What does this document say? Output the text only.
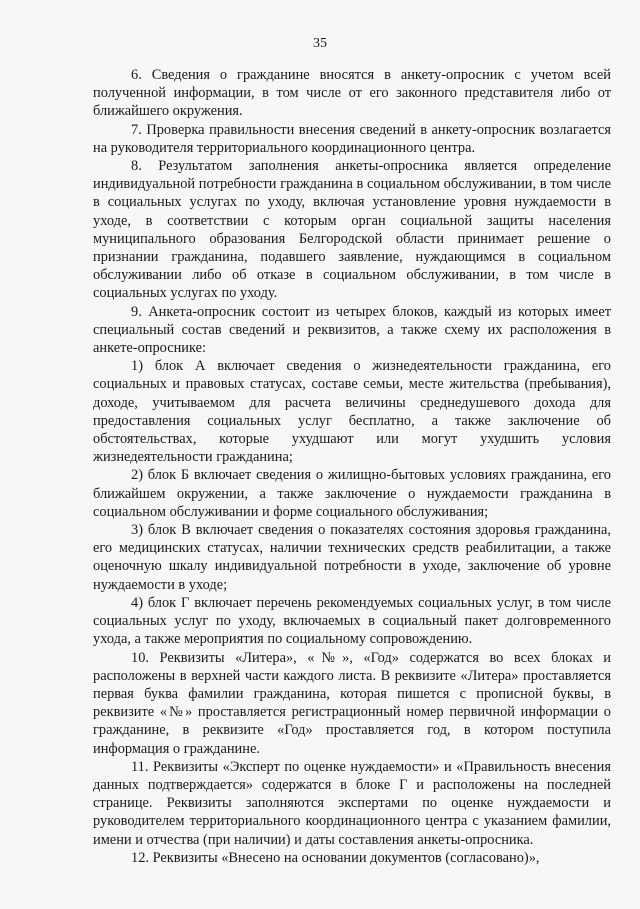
35

6. Сведения о гражданине вносятся в анкету-опросник с учетом всей полученной информации, в том числе от его законного представителя либо от ближайшего окружения.

7. Проверка правильности внесения сведений в анкету-опросник возлагается на руководителя территориального координационного центра.

8. Результатом заполнения анкеты-опросника является определение индивидуальной потребности гражданина в социальном обслуживании, в том числе в социальных услугах по уходу, включая установление уровня нуждаемости в уходе, в соответствии с которым орган социальной защиты населения муниципального образования Белгородской области принимает решение о признании гражданина, подавшего заявление, нуждающимся в социальном обслуживании либо об отказе в социальном обслуживании, в том числе в социальных услугах по уходу.

9. Анкета-опросник состоит из четырех блоков, каждый из которых имеет специальный состав сведений и реквизитов, а также схему их расположения в анкете-опроснике:

1) блок А включает сведения о жизнедеятельности гражданина, его социальных и правовых статусах, составе семьи, месте жительства (пребывания), доходе, учитываемом для расчета величины среднедушевого дохода для предоставления социальных услуг бесплатно, а также заключение об обстоятельствах, которые ухудшают или могут ухудшить условия жизнедеятельности гражданина;

2) блок Б включает сведения о жилищно-бытовых условиях гражданина, его ближайшем окружении, а также заключение о нуждаемости гражданина в социальном обслуживании и форме социального обслуживания;

3) блок В включает сведения о показателях состояния здоровья гражданина, его медицинских статусах, наличии технических средств реабилитации, а также оценочную шкалу индивидуальной потребности в уходе, заключение об уровне нуждаемости в уходе;

4) блок Г включает перечень рекомендуемых социальных услуг, в том числе социальных услуг по уходу, включаемых в социальный пакет долговременного ухода, а также мероприятия по социальному сопровождению.

10. Реквизиты «Литера», «№», «Год» содержатся во всех блоках и расположены в верхней части каждого листа. В реквизите «Литера» проставляется первая буква фамилии гражданина, которая пишется с прописной буквы, в реквизите «№» проставляется регистрационный номер первичной информации о гражданине, в реквизите «Год» проставляется год, в котором поступила информация о гражданине.

11. Реквизиты «Эксперт по оценке нуждаемости» и «Правильность внесения данных подтверждается» содержатся в блоке Г и расположены на последней странице. Реквизиты заполняются экспертами по оценке нуждаемости и руководителем территориального координационного центра с указанием фамилии, имени и отчества (при наличии) и даты составления анкеты-опросника.

12. Реквизиты «Внесено на основании документов (согласовано)»,
